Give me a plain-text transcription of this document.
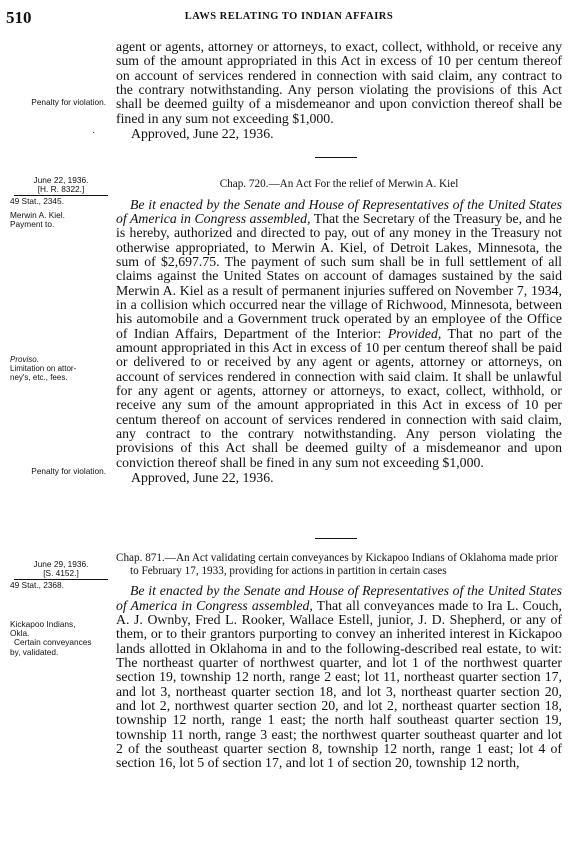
510	LAWS RELATING TO INDIAN AFFAIRS

agent or agents, attorney or attorneys, to exact, collect, withhold, or receive any sum of the amount appropriated in this Act in excess of 10 per centum thereof on account of services rendered in connection with said claim, any contract to the contrary notwithstanding. Any person violating the provisions of this Act shall be deemed guilty of a misdemeanor and upon conviction thereof shall be fined in any sum not exceeding $1,000.

Approved, June 22, 1936.

Penalty for violation.
·
June 22, 1936.
[H. R. 8322.]
49 Stat., 2345.
Merwin A. Kiel.
Payment to.
Proviso.
Limitation on attor-
ney's, etc., fees.
Penalty for violation.

Chap. 720.—An Act For the relief of Merwin A. Kiel

Be it enacted by the Senate and House of Representatives of the United States of America in Congress assembled, That the Secretary of the Treasury be, and he is hereby, authorized and directed to pay, out of any money in the Treasury not otherwise appropriated, to Merwin A. Kiel, of Detroit Lakes, Minnesota, the sum of $2,697.75. The payment of such sum shall be in full settlement of all claims against the United States on account of damages sustained by the said Merwin A. Kiel as a result of permanent injuries suffered on November 7, 1934, in a collision which occurred near the village of Richwood, Minnesota, between his automobile and a Government truck operated by an employee of the Office of Indian Affairs, Department of the Interior: Provided, That no part of the amount appropriated in this Act in excess of 10 per centum thereof shall be paid or delivered to or received by any agent or agents, attorney or attorneys, on account of services rendered in connection with said claim. It shall be unlawful for any agent or agents, attorney or attorneys, to exact, collect, withhold, or receive any sum of the amount appropriated in this Act in excess of 10 per centum thereof on account of services rendered in connection with said claim, any contract to the contrary notwithstanding. Any person violating the provisions of this Act shall be deemed guilty of a misdemeanor and upon conviction thereof shall be fined in any sum not exceeding $1,000.

Approved, June 22, 1936.

June 29, 1936.
[S. 4152.]
49 Stat., 2368.
Kickapoo Indians,
Okla.
Certain conveyances
by, validated.

Chap. 871.—An Act validating certain conveyances by Kickapoo Indians of Oklahoma made prior to February 17, 1933, providing for actions in partition in certain cases

Be it enacted by the Senate and House of Representatives of the United States of America in Congress assembled, That all conveyances made to Ira L. Couch, A. J. Ownby, Fred L. Rooker, Wallace Estell, junior, J. D. Shepherd, or any of them, or to their grantors purporting to convey an inherited interest in Kickapoo lands allotted in Oklahoma in and to the following-described real estate, to wit: The northeast quarter of northwest quarter, and lot 1 of the northwest quarter section 19, township 12 north, range 2 east; lot 11, northeast quarter section 17, and lot 3, northeast quarter section 18, and lot 3, northeast quarter section 20, and lot 2, northwest quarter section 20, and lot 2, northeast quarter section 18, township 12 north, range 1 east; the north half southeast quarter section 19, township 11 north, range 3 east; the northwest quarter southeast quarter and lot 2 of the southeast quarter section 8, township 12 north, range 1 east; lot 4 of section 16, lot 5 of section 17, and lot 1 of section 20, township 12 north,
